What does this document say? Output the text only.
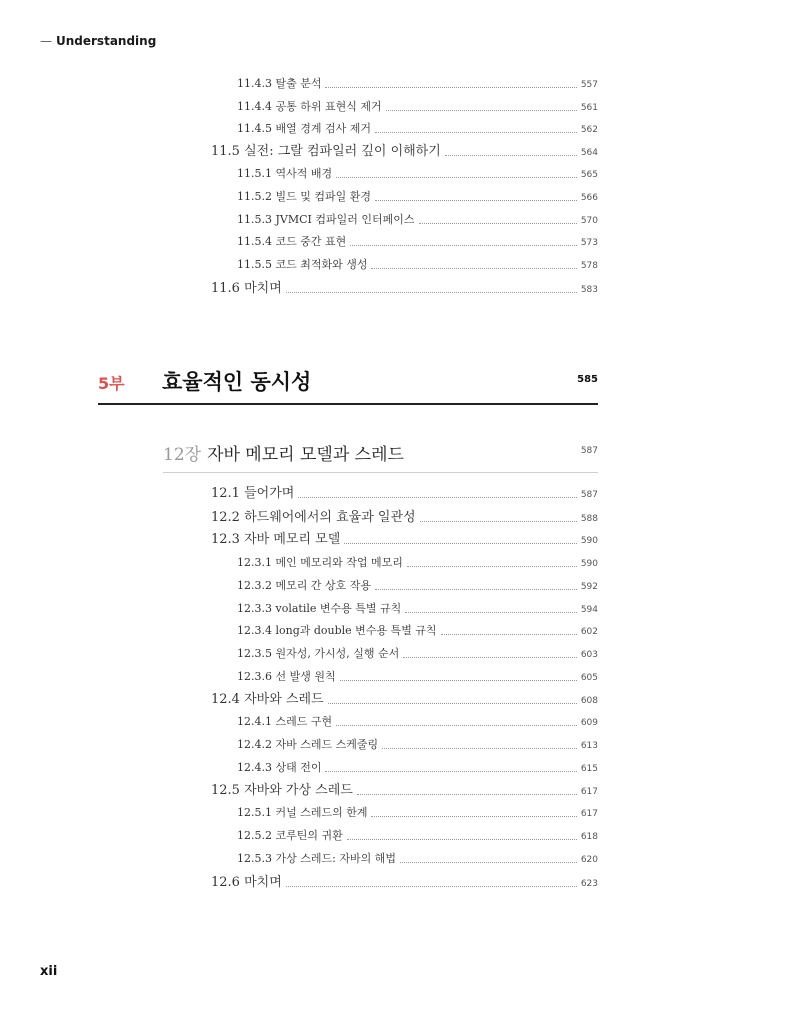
— Understanding
11.4.3 탈출 분석	557
11.4.4 공통 하위 표현식 제거	561
11.4.5 배열 경계 검사 제거	562
11.5 실전: 그랄 컴파일러 깊이 이해하기	564
11.5.1 역사적 배경	565
11.5.2 빌드 및 컴파일 환경	566
11.5.3 JVMCI 컴파일러 인터페이스	570
11.5.4 코드 중간 표현	573
11.5.5 코드 최적화와 생성	578
11.6 마치며	583
5부 효율적인 동시성	585
12장 자바 메모리 모델과 스레드	587
12.1 들어가며	587
12.2 하드웨어에서의 효율과 일관성	588
12.3 자바 메모리 모델	590
12.3.1 메인 메모리와 작업 메모리	590
12.3.2 메모리 간 상호 작용	592
12.3.3 volatile 변수용 특별 규칙	594
12.3.4 long과 double 변수용 특별 규칙	602
12.3.5 원자성, 가시성, 실행 순서	603
12.3.6 선 발생 원칙	605
12.4 자바와 스레드	608
12.4.1 스레드 구현	609
12.4.2 자바 스레드 스케줄링	613
12.4.3 상태 전이	615
12.5 자바와 가상 스레드	617
12.5.1 커널 스레드의 한계	617
12.5.2 코루틴의 귀환	618
12.5.3 가상 스레드: 자바의 해법	620
12.6 마치며	623
xii
